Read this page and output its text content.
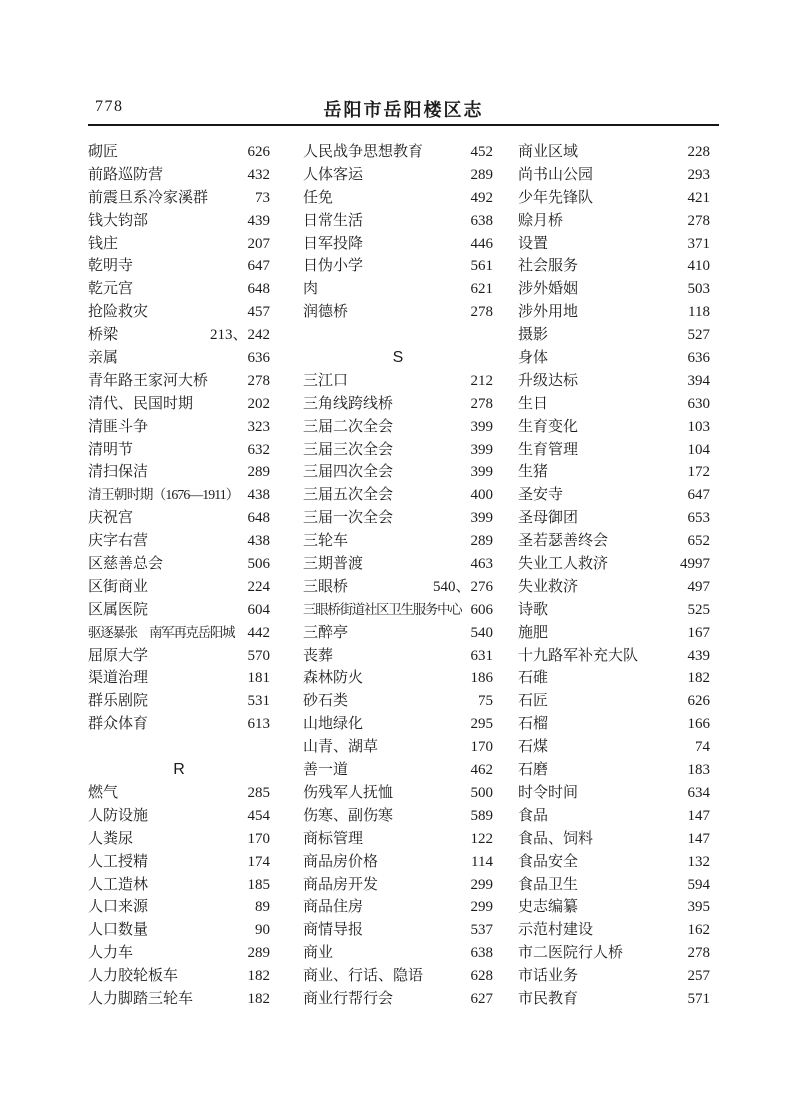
778	岳阳市岳阳楼区志
砌匠	626
前路巡防营	432
前震旦系冷家溪群	73
钱大钧部	439
钱庄	207
乾明寺	647
乾元宫	648
抢险救灾	457
桥梁	213、242
亲属	636
青年路王家河大桥	278
清代、民国时期	202
清匪斗争	323
清明节	632
清扫保洁	289
清王朝时期（1676—1911） 438
庆祝宫	648
庆字右营	438
区慈善总会	506
区街商业	224
区属医院	604
驱逐暴张　南军再克岳阳城 442
屈原大学	570
渠道治理	181
群乐剧院	531
群众体育	613
R
燃气	285
人防设施	454
人粪尿	170
人工授精	174
人工造林	185
人口来源	89
人口数量	90
人力车	289
人力胶轮板车	182
人力脚踏三轮车	182
人民战争思想教育	452
人体客运	289
任免	492
日常生活	638
日军投降	446
日伪小学	561
肉	621
润德桥	278
S
三江口	212
三角线跨线桥	278
三届二次全会	399
三届三次全会	399
三届四次全会	399
三届五次全会	400
三届一次全会	399
三轮车	289
三期普渡	463
三眼桥	540、276
三眼桥街道社区卫生服务中心 606
三醉亭	540
丧葬	631
森林防火	186
砂石类	75
山地绿化	295
山青、湖草	170
善一道	462
伤残军人抚恤	500
伤寒、副伤寒	589
商标管理	122
商品房价格	114
商品房开发	299
商品住房	299
商情导报	537
商业	638
商业、行话、隐语	628
商业行帮行会	627
商业区域	228
尚书山公园	293
少年先锋队	421
赊月桥	278
设置	371
社会服务	410
涉外婚姻	503
涉外用地	118
摄影	527
身体	636
升级达标	394
生日	630
生育变化	103
生育管理	104
生猪	172
圣安寺	647
圣母御团	653
圣若瑟善终会	652
失业工人救济	4997
失业救济	497
诗歌	525
施肥	167
十九路军补充大队	439
石碓	182
石匠	626
石榴	166
石煤	74
石磨	183
时令时间	634
食品	147
食品、饲料	147
食品安全	132
食品卫生	594
史志编纂	395
示范村建设	162
市二医院行人桥	278
市话业务	257
市民教育	571
